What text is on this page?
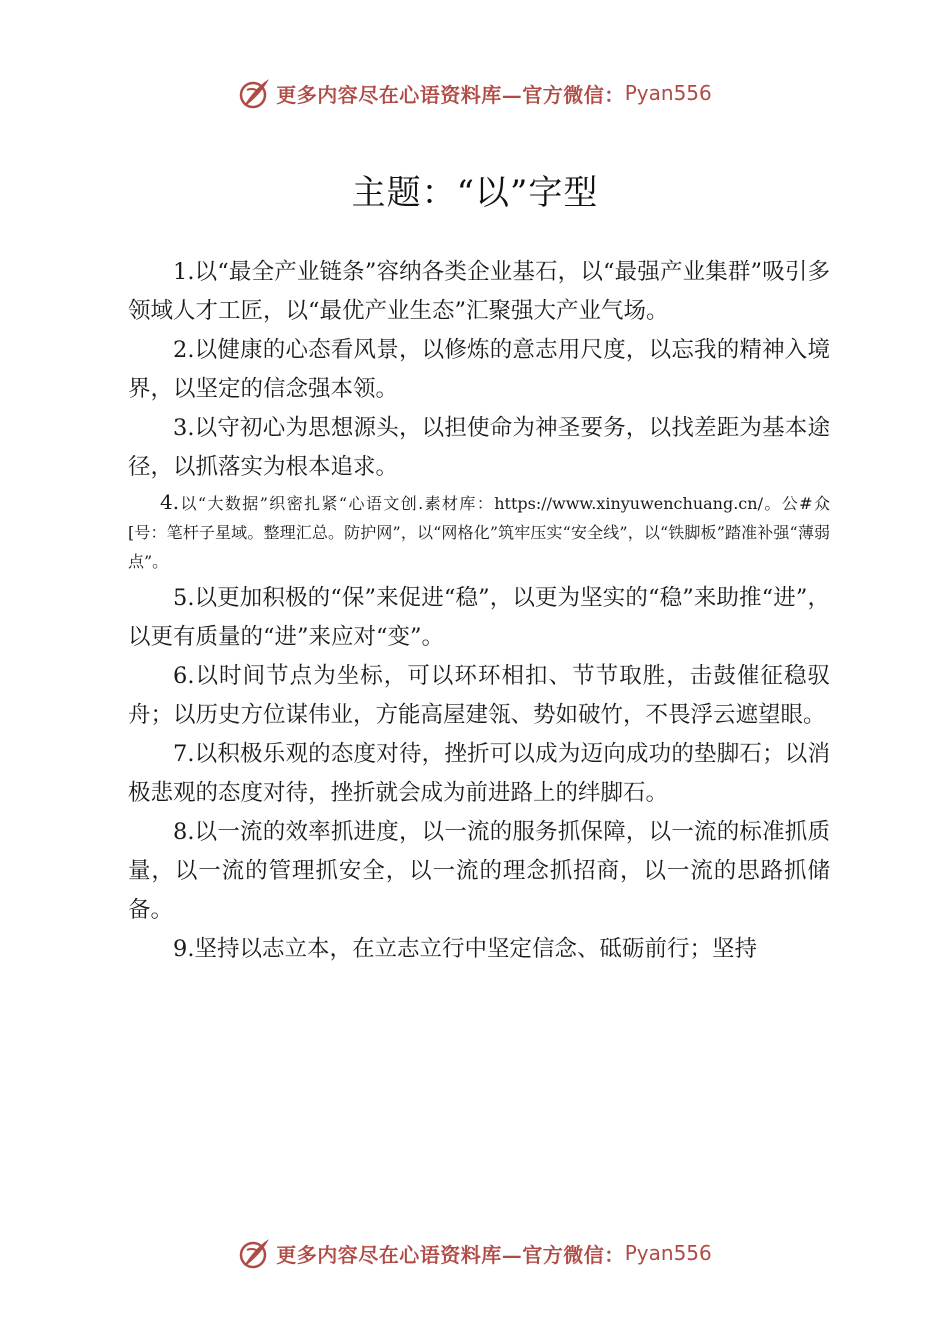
更多内容尽在心语资料库—官方微信： Pyan556
主题：“以”字型

1.以“最全产业链条”容纳各类企业基石，以“最强产业集群”吸引多领域人才工匠，以“最优产业生态”汇聚强大产业气场。

2.以健康的心态看风景，以修炼的意志用尺度，以忘我的精神入境界，以坚定的信念强本领。

3.以守初心为思想源头，以担使命为神圣要务，以找差距为基本途径，以抓落实为根本追求。

4.以“大数据”织密扎紧“心语文创.素材库：https://www.xinyuwenchuang.cn/。公#众[号：笔杆子星域。整理汇总。防护网”，以“网格化”筑牢压实“安全线”，以“铁脚板”踏准补强“薄弱点”。

5.以更加积极的“保”来促进“稳”，以更为坚实的“稳”来助推“进”，以更有质量的“进”来应对“变”。

6.以时间节点为坐标，可以环环相扣、节节取胜，击鼓催征稳驭舟；以历史方位谋伟业，方能高屋建瓴、势如破竹，不畏浮云遮望眼。

7.以积极乐观的态度对待，挫折可以成为迈向成功的垫脚石；以消极悲观的态度对待，挫折就会成为前进路上的绊脚石。

8.以一流的效率抓进度，以一流的服务抓保障，以一流的标准抓质量，以一流的管理抓安全，以一流的理念抓招商，以一流的思路抓储备。

9.坚持以志立本，在立志立行中坚定信念、砥砺前行；坚持

更多内容尽在心语资料库—官方微信： Pyan556
